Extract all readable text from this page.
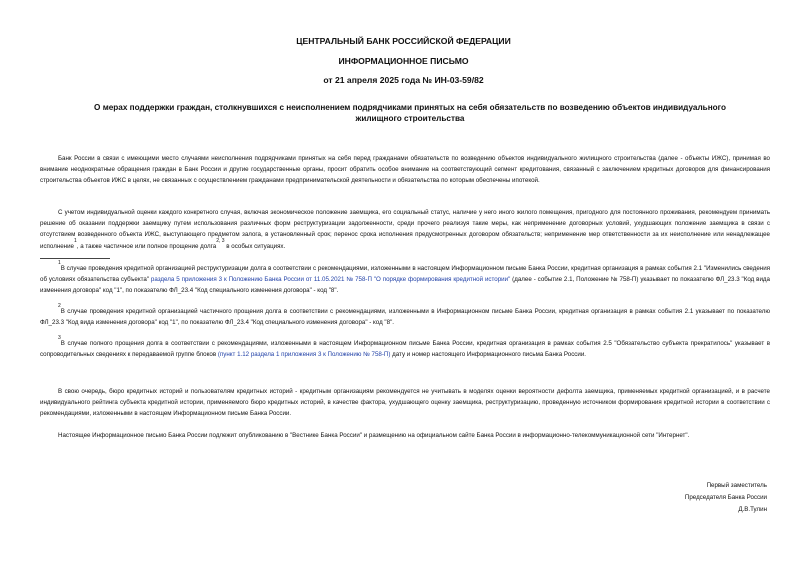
ЦЕНТРАЛЬНЫЙ БАНК РОССИЙСКОЙ ФЕДЕРАЦИИ
ИНФОРМАЦИОННОЕ ПИСЬМО
от 21 апреля 2025 года № ИН-03-59/82
О мерах поддержки граждан, столкнувшихся с неисполнением подрядчиками принятых на себя обязательств по возведению объектов индивидуального жилищного строительства

Банк России в связи с имеющими место случаями неисполнения подрядчиками принятых на себя перед гражданами обязательств по возведению объектов индивидуального жилищного строительства (далее - объекты ИЖС), принимая во внимание неоднократные обращения граждан в Банк России и другие государственные органы, просит обратить особое внимание на соответствующий сегмент кредитования, связанный с заключением кредитных договоров для финансирования строительства объектов ИЖС в целях, не связанных с осуществлением гражданами предпринимательской деятельности и обязательства по которым обеспечены ипотекой.

С учетом индивидуальной оценки каждого конкретного случая, включая экономическое положение заемщика, его социальный статус, наличие у него иного жилого помещения, пригодного для постоянного проживания, рекомендуем принимать решение об оказании поддержки заемщику путем использования различных форм реструктуризации задолженности, среди прочего реализуя такие меры, как неприменение договорных условий, ухудшающих положение заемщика в связи с отсутствием возведенного объекта ИЖС, выступающего предметом залога, в установленный срок; перенос срока исполнения предусмотренных договором обязательств; неприменение мер ответственности за их неисполнение или ненадлежащее исполнение$^1$, а также частичное или полное прощение долга$^{2, 3}$ в особых ситуациях.

$^1$В случае проведения кредитной организацией реструктуризации долга в соответствии с рекомендациями, изложенными в настоящем Информационном письме Банка России, кредитная организация в рамках события 2.1 "Изменились сведения об условиях обязательства субъекта" раздела 5 приложения 3 к Положению Банка России от 11.05.2021 № 758-П "О порядке формирования кредитной истории" (далее - событие 2.1, Положение № 758-П) указывает по показателю ФЛ_23.3 "Код вида изменения договора" код "1", по показателю ФЛ_23.4 "Код специального изменения договора" - код "8".

$^2$В случае проведения кредитной организацией частичного прощения долга в соответствии с рекомендациями, изложенными в Информационном письме Банка России, кредитная организация в рамках события 2.1 указывает по показателю ФЛ_23.3 "Код вида изменения договора" код "1", по показателю ФЛ_23.4 "Код специального изменения договора" - код "8".

$^3$В случае полного прощения долга в соответствии с рекомендациями, изложенными в настоящем Информационном письме Банка России, кредитная организация в рамках события 2.5 "Обязательство субъекта прекратилось" указывает в сопроводительных сведениях к передаваемой группе блоков (пункт 1.12 раздела 1 приложения 3 к Положению № 758-П) дату и номер настоящего Информационного письма Банка России.

В свою очередь, бюро кредитных историй и пользователям кредитных историй - кредитным организациям рекомендуется не учитывать в моделях оценки вероятности дефолта заемщика, применяемых кредитной организацией, и в расчете индивидуального рейтинга субъекта кредитной истории, применяемого бюро кредитных историй, в качестве фактора, ухудшающего оценку заемщика, реструктуризацию, проведенную источником формирования кредитной истории в соответствии с рекомендациями, изложенными в настоящем Информационном письме Банка России.

Настоящее Информационное письмо Банка России подлежит опубликованию в "Вестнике Банка России" и размещению на официальном сайте Банка России в информационно-телекоммуникационной сети "Интернет".

Первый заместитель
Председателя Банка России
Д.В.Тулин
